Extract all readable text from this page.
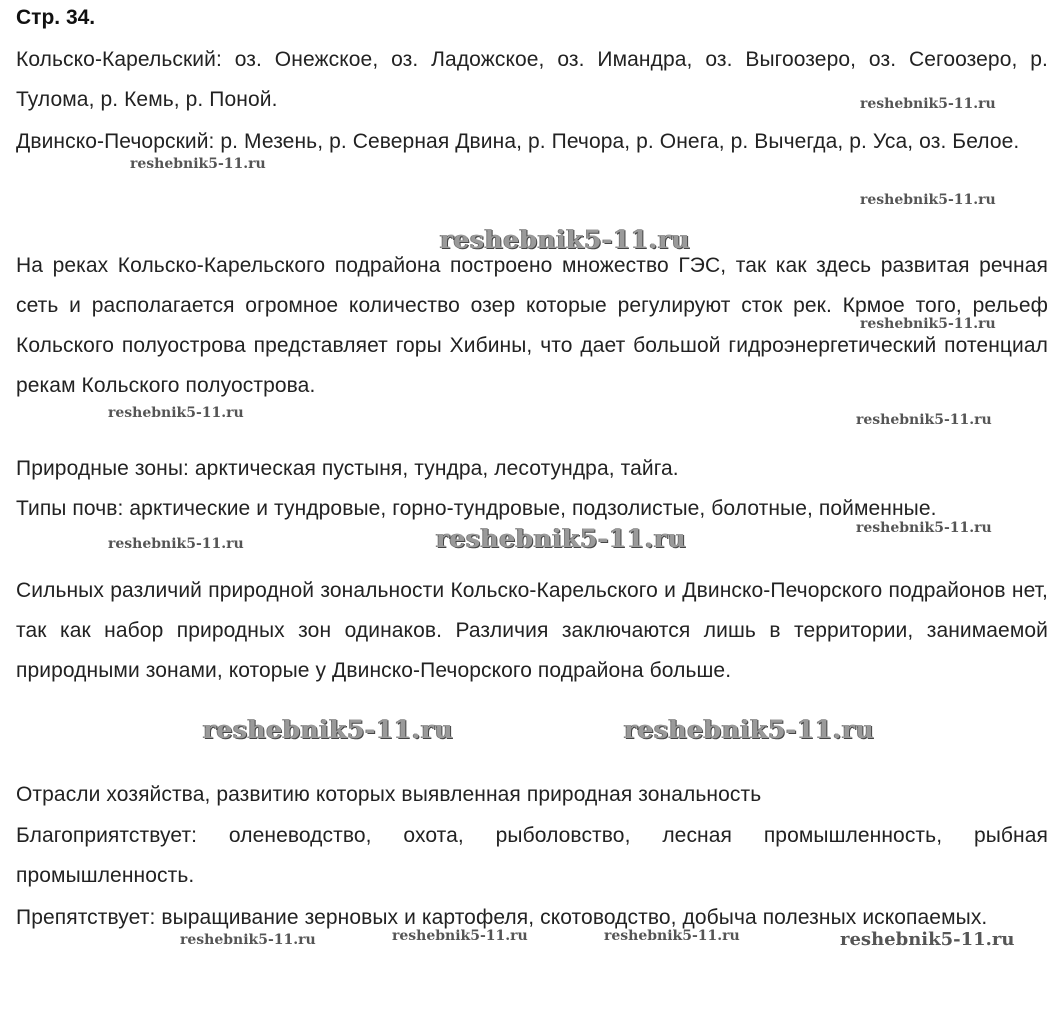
Стр. 34.
Кольско-Карельский: оз. Онежское, оз. Ладожское, оз. Имандра, оз. Выгоозеро, оз. Сегоозеро, р. Тулома, р. Кемь, р. Поной.
Двинско-Печорский: р. Мезень, р. Северная Двина, р. Печора, р. Онега, р. Вычегда, р. Уса, оз. Белое.
На реках Кольско-Карельского подрайона построено множество ГЭС, так как здесь развитая речная сеть и располагается огромное количество озер которые регулируют сток рек. Крмое того, рельеф Кольского полуострова представляет горы Хибины, что дает большой гидроэнергетический потенциал рекам Кольского полуострова.
Природные зоны: арктическая пустыня, тундра, лесотундра, тайга.
Типы почв: арктические и тундровые, горно-тундровые, подзолистые, болотные, пойменные.
Сильных различий природной зональности Кольско-Карельского и Двинско-Печорского подрайонов нет, так как набор природных зон одинаков. Различия заключаются лишь в территории, занимаемой природными зонами, которые у Двинско-Печорского подрайона больше.
Отрасли хозяйства, развитию которых выявленная природная зональность
Благоприятствует: оленеводство, охота, рыболовство, лесная промышленность, рыбная промышленность.
Препятствует: выращивание зерновых и картофеля, скотоводство, добыча полезных ископаемых.
reshebnik5-11.ru
reshebnik5-11.ru
reshebnik5-11.ru
reshebnik5-11.ru
reshebnik5-11.ru
reshebnik5-11.ru	reshebnik5-11.ru
reshebnik5-11.ru
reshebnik5-11.ru	reshebnik5-11.ru
reshebnik5-11.ru	reshebnik5-11.ru
reshebnik5-11.ru	reshebnik5-11.ru	reshebnik5-11.ru	reshebnik5-11.ru
